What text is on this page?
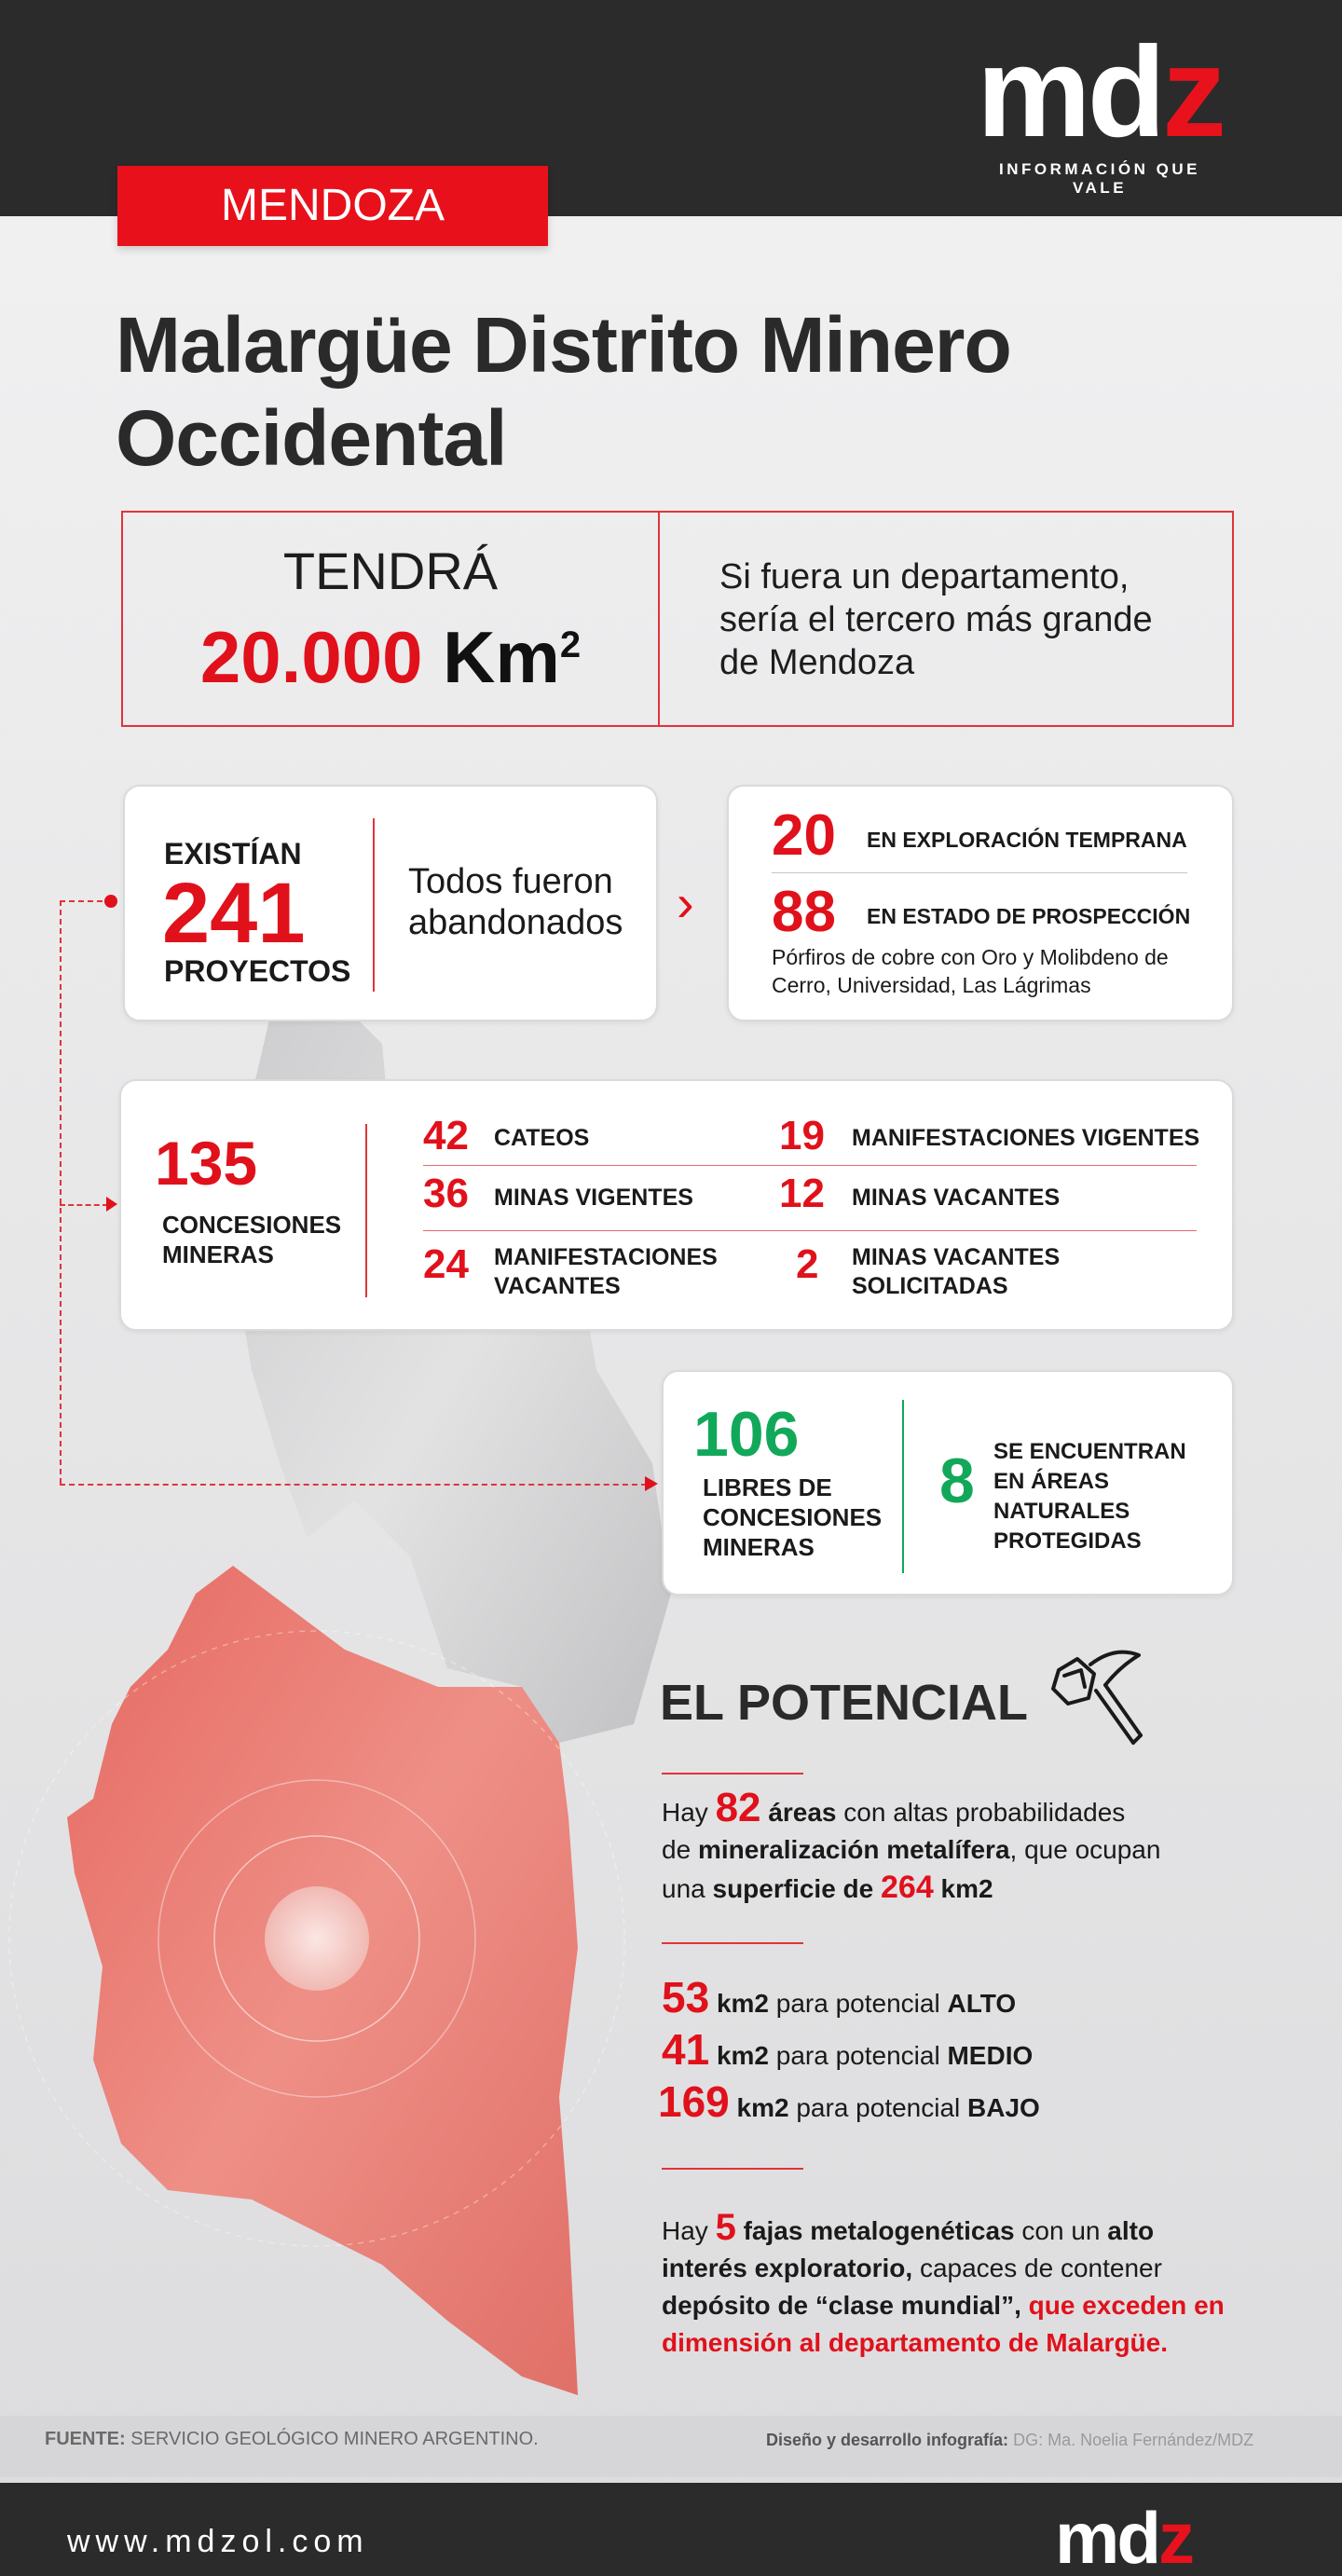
mdz
INFORMACIÓN QUE VALE
MENDOZA
Malargüe Distrito Minero
Occidental
TENDRÁ
20.000 Km$^2$
Si fuera un departamento,
sería el tercero más grande
de Mendoza
EXISTÍAN
241
PROYECTOS
Todos fueron
abandonados	›
20 EN EXPLORACIÓN TEMPRANA
88 EN ESTADO DE PROSPECCIÓN
Pórfiros de cobre con Oro y Molibdeno de
Cerro, Universidad, Las Lágrimas
135
CONCESIONES
MINERAS
42 CATEOS	19 MANIFESTACIONES VIGENTES
36 MINAS VIGENTES 12 MINAS VACANTES
24 MANIFESTACIONES
VACANTES	2 MINAS VACANTES
SOLICITADAS
106
LIBRES DE
CONCESIONES
MINERAS
8 SE ENCUENTRAN
EN ÁREAS
NATURALES
PROTEGIDAS
EL POTENCIAL
Hay 82 áreas con altas probabilidades
de mineralización metalífera, que ocupan
una superficie de 264 km2
53 km2 para potencial ALTO
41 km2 para potencial MEDIO
169 km2 para potencial BAJO
Hay 5 fajas metalogenéticas con un alto
interés exploratorio, capaces de contener
depósito de “clase mundial”, que exceden en
dimensión al departamento de Malargüe.
FUENTE: SERVICIO GEOLÓGICO MINERO ARGENTINO.	Diseño y desarrollo infografía: DG: Ma. Noelia Fernández/MDZ
www.mdzol.com	mdz
